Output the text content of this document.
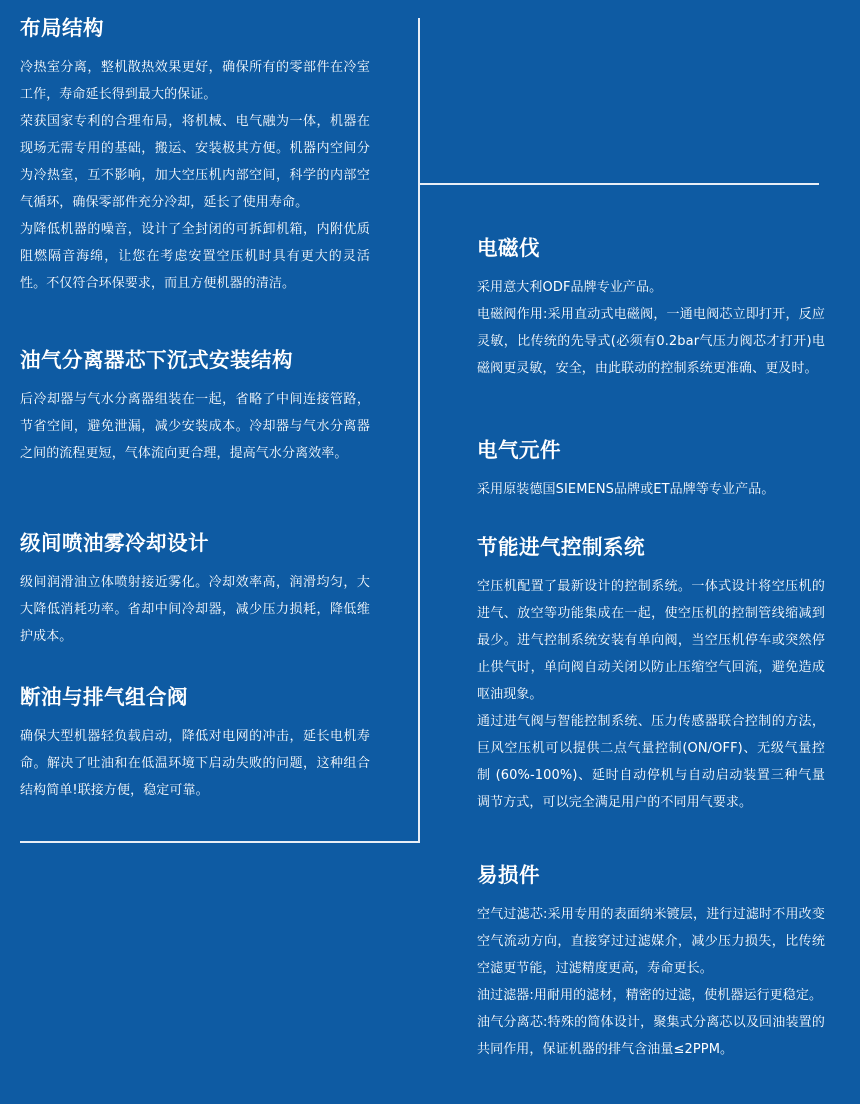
布局结构

冷热室分离，整机散热效果更好，确保所有的零部件在冷室工作，寿命延长得到最大的保证。

荣获国家专利的合理布局，将机械、电气融为一体，机器在现场无需专用的基础，搬运、安装极其方便。机器内空间分为冷热室，互不影响，加大空压机内部空间，科学的内部空气循环，确保零部件充分冷却，延长了使用寿命。

为降低机器的噪音，设计了全封闭的可拆卸机箱，内附优质阻燃隔音海绵，让您在考虑安置空压机时具有更大的灵活性。不仅符合环保要求，而且方便机器的清洁。

油气分离器芯下沉式安装结构

后冷却器与气水分离器组装在一起，省略了中间连接管路，节省空间，避免泄漏，减少安装成本。冷却器与气水分离器之间的流程更短，气体流向更合理，提高气水分离效率。

级间喷油雾冷却设计

级间润滑油立体喷射接近雾化。冷却效率高，润滑均匀，大大降低消耗功率。省却中间冷却器，减少压力损耗，降低维护成本。

断油与排气组合阀

确保大型机器轻负载启动，降低对电网的冲击，延长电机寿命。解决了吐油和在低温环境下启动失败的问题，这种组合结构简单!联接方便，稳定可靠。

电磁伐

采用意大利ODF品牌专业产品。

电磁阀作用:采用直动式电磁阀，一通电阀芯立即打开，反应灵敏，比传统的先导式(必须有0.2bar气压力阀芯才打开)电磁阀更灵敏，安全，由此联动的控制系统更准确、更及时。

电气元件

采用原装德国SIEMENS品牌或ET品牌等专业产品。

节能进气控制系统

空压机配置了最新设计的控制系统。一体式设计将空压机的进气、放空等功能集成在一起，使空压机的控制管线缩减到最少。进气控制系统安装有单向阀，当空压机停车或突然停止供气时，单向阀自动关闭以防止压缩空气回流，避免造成呕油现象。

通过进气阀与智能控制系统、压力传感器联合控制的方法，巨风空压机可以提供二点气量控制(ON/OFF)、无级气量控制 (60%-100%)、延时自动停机与自动启动装置三种气量调节方式，可以完全满足用户的不同用气要求。

易损件

空气过滤芯:采用专用的表面纳米镀层，进行过滤时不用改变空气流动方向，直接穿过过滤媒介，减少压力损失，比传统空滤更节能，过滤精度更高，寿命更长。

油过滤器:用耐用的滤材，精密的过滤，使机器运行更稳定。

油气分离芯:特殊的简体设计，聚集式分离芯以及回油装置的共同作用，保证机器的排气含油量≤2PPM。
